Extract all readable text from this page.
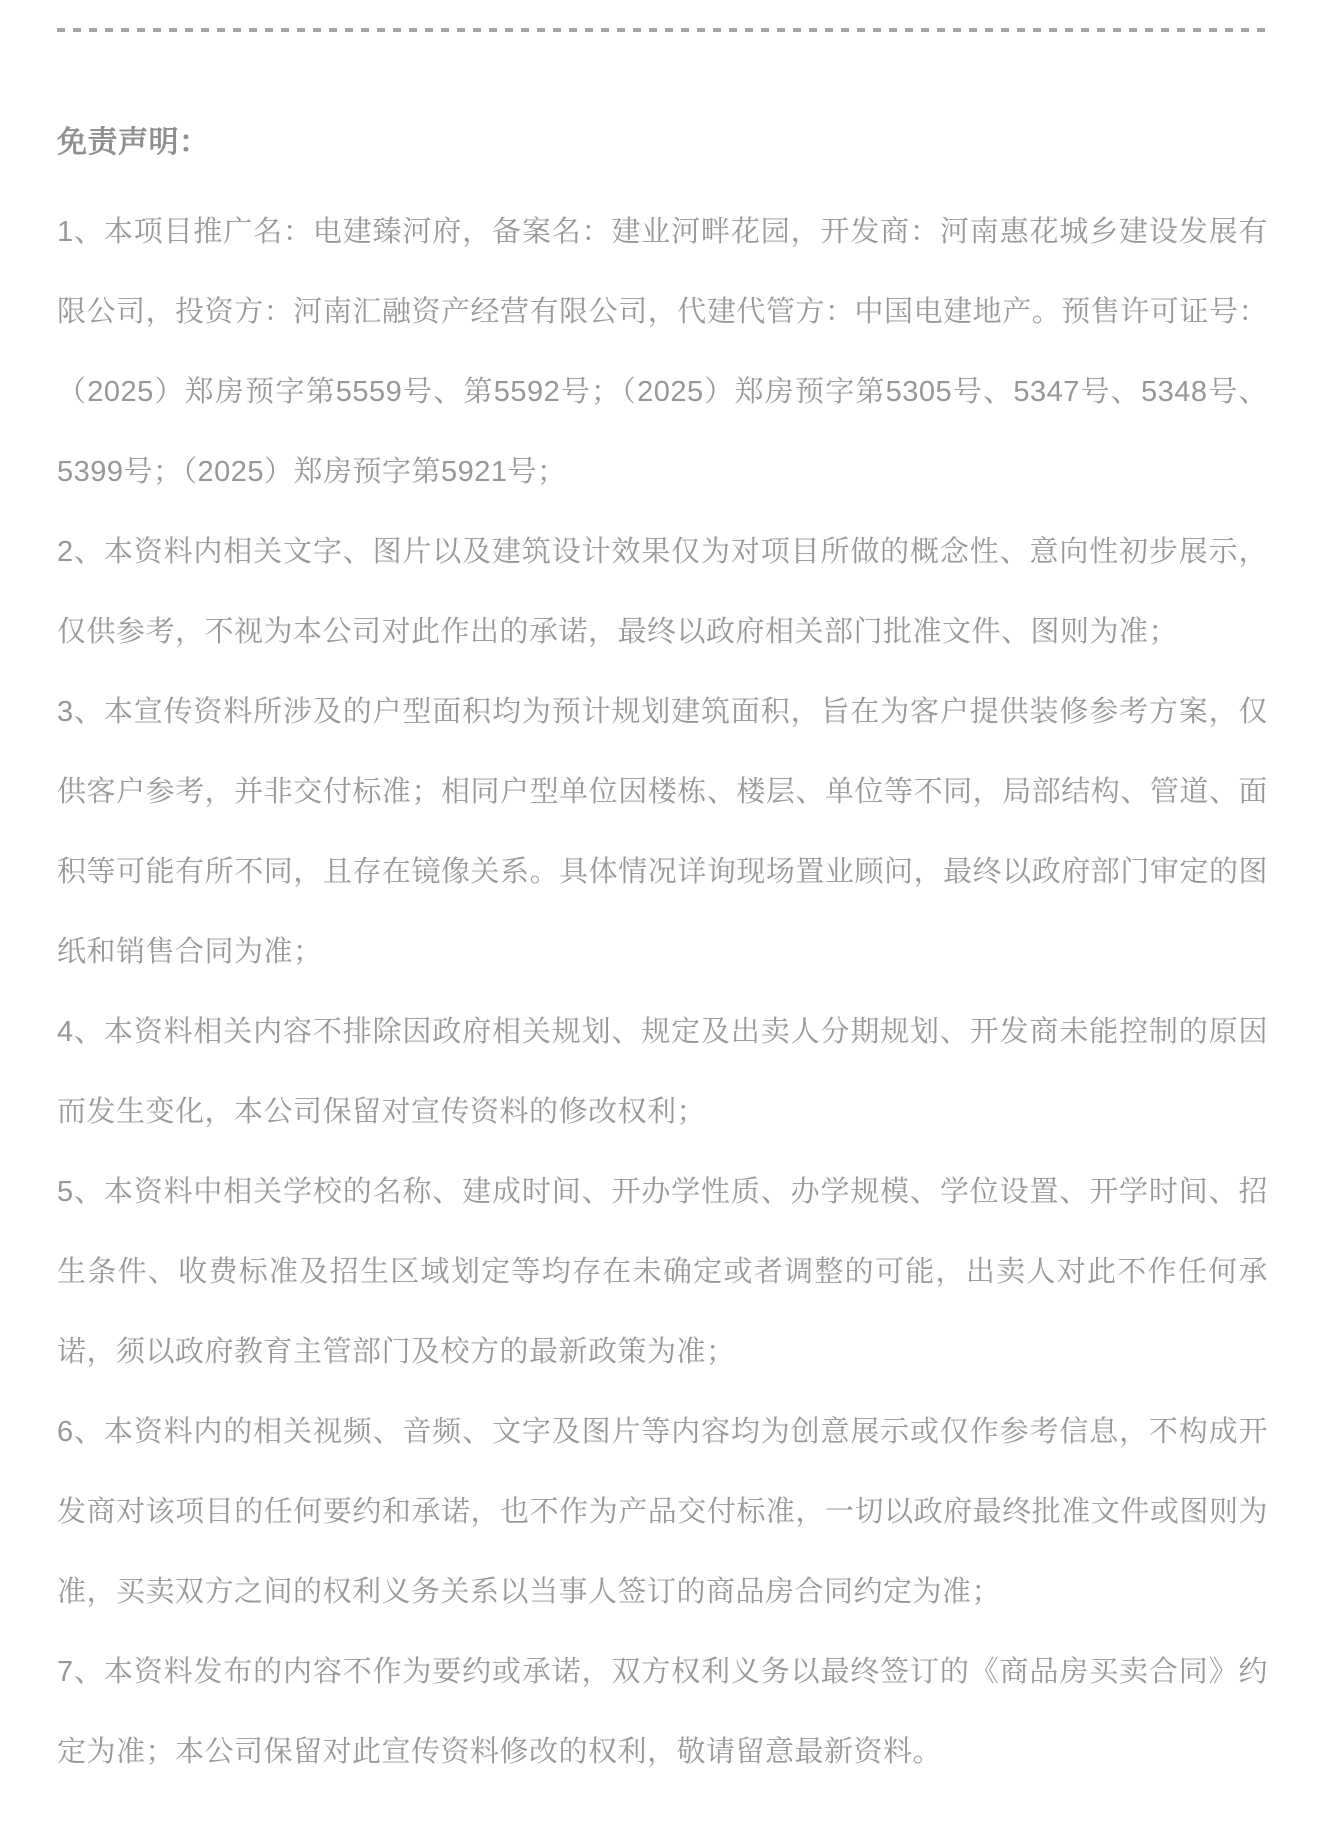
免责声明：

1、本项目推广名：电建臻河府，备案名：建业河畔花园，开发商：河南惠花城乡建设发展有限公司，投资方：河南汇融资产经营有限公司，代建代管方：中国电建地产。预售许可证号：（2025）郑房预字第5559号、第5592号；（2025）郑房预字第5305号、5347号、5348号、5399号；（2025）郑房预字第5921号；

2、本资料内相关文字、图片以及建筑设计效果仅为对项目所做的概念性、意向性初步展示，仅供参考，不视为本公司对此作出的承诺，最终以政府相关部门批准文件、图则为准；

3、本宣传资料所涉及的户型面积均为预计规划建筑面积，旨在为客户提供装修参考方案，仅供客户参考，并非交付标准；相同户型单位因楼栋、楼层、单位等不同，局部结构、管道、面积等可能有所不同，且存在镜像关系。具体情况详询现场置业顾问，最终以政府部门审定的图纸和销售合同为准；

4、本资料相关内容不排除因政府相关规划、规定及出卖人分期规划、开发商未能控制的原因而发生变化，本公司保留对宣传资料的修改权利；

5、本资料中相关学校的名称、建成时间、开办学性质、办学规模、学位设置、开学时间、招生条件、收费标准及招生区域划定等均存在未确定或者调整的可能，出卖人对此不作任何承诺，须以政府教育主管部门及校方的最新政策为准；

6、本资料内的相关视频、音频、文字及图片等内容均为创意展示或仅作参考信息，不构成开发商对该项目的任何要约和承诺，也不作为产品交付标准，一切以政府最终批准文件或图则为准，买卖双方之间的权利义务关系以当事人签订的商品房合同约定为准；

7、本资料发布的内容不作为要约或承诺，双方权利义务以最终签订的《商品房买卖合同》约定为准；本公司保留对此宣传资料修改的权利，敬请留意最新资料。
